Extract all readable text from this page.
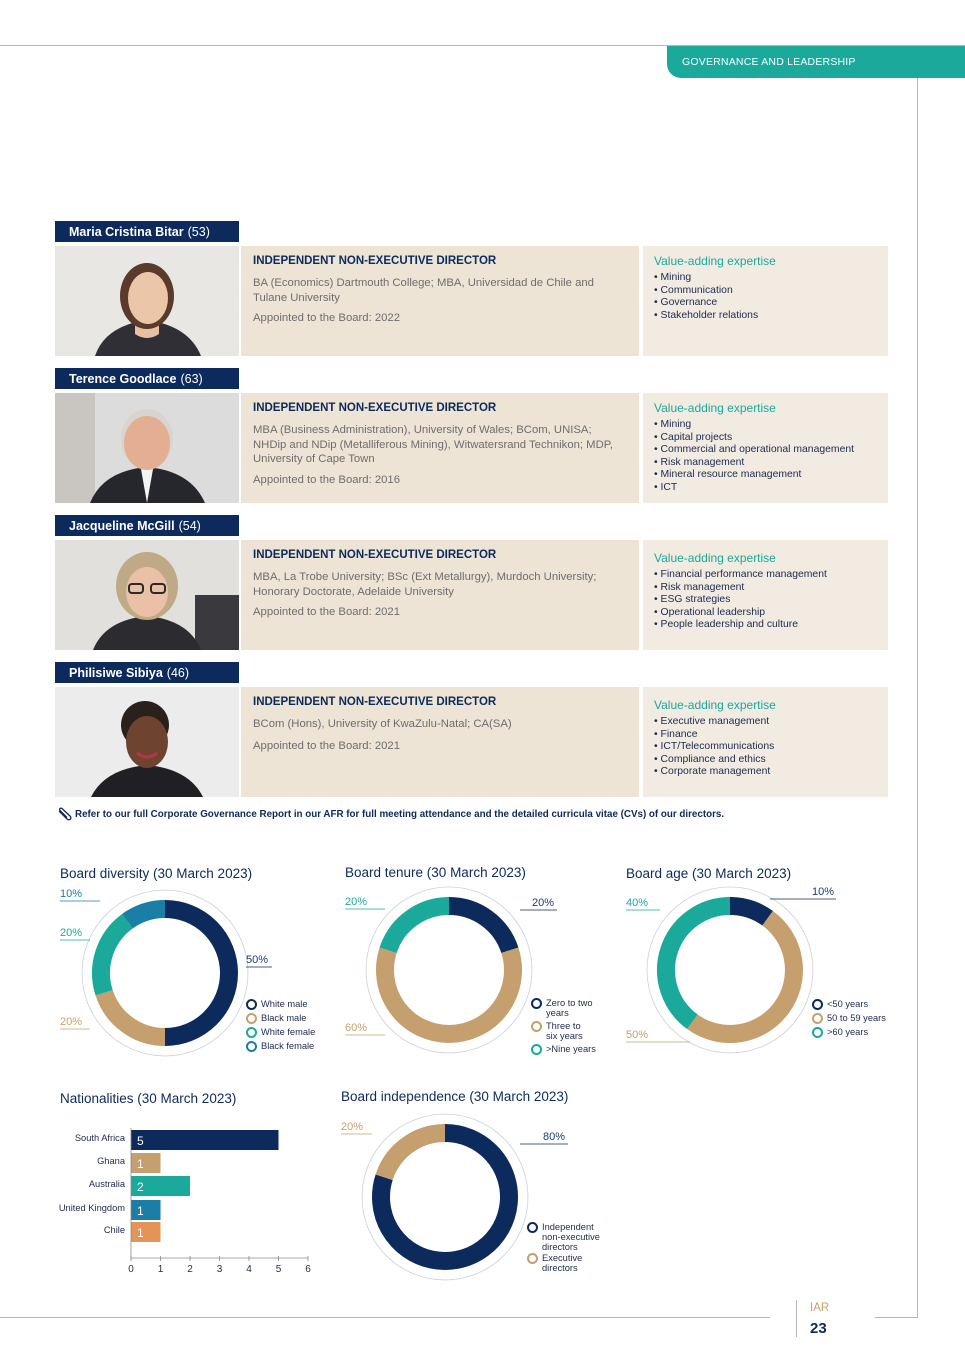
GOVERNANCE AND LEADERSHIP
Maria Cristina Bitar (53)
INDEPENDENT NON-EXECUTIVE DIRECTOR
BA (Economics) Dartmouth College; MBA, Universidad de Chile and Tulane University
Appointed to the Board: 2022
Value-adding expertise
• Mining
• Communication
• Governance
• Stakeholder relations
Terence Goodlace (63)
INDEPENDENT NON-EXECUTIVE DIRECTOR
MBA (Business Administration), University of Wales; BCom, UNISA; NHDip and NDip (Metalliferous Mining), Witwatersrand Technikon; MDP, University of Cape Town
Appointed to the Board: 2016
Value-adding expertise
• Mining
• Capital projects
• Commercial and operational management
• Risk management
• Mineral resource management
• ICT
Jacqueline McGill (54)
INDEPENDENT NON-EXECUTIVE DIRECTOR
MBA, La Trobe University; BSc (Ext Metallurgy), Murdoch University; Honorary Doctorate, Adelaide University
Appointed to the Board: 2021
Value-adding expertise
• Financial performance management
• Risk management
• ESG strategies
• Operational leadership
• People leadership and culture
Philisiwe Sibiya (46)
INDEPENDENT NON-EXECUTIVE DIRECTOR
BCom (Hons), University of KwaZulu-Natal; CA(SA)
Appointed to the Board: 2021
Value-adding expertise
• Executive management
• Finance
• ICT/Telecommunications
• Compliance and ethics
• Corporate management
Refer to our full Corporate Governance Report in our AFR for full meeting attendance and the detailed curricula vitae (CVs) of our directors.
Board diversity (30 March 2023)	Board tenure (30 March 2023)	Board age (30 March 2023)
Nationalities (30 March 2023)	Board independence (30 March 2023)
50%
20%
20%
10%
20%
60%
20%
10%
50%
40%
80%
20%
White male
Black male
White female
Black female
Zero to two years
Three to six years
>Nine years
<50 years
50 to 59 years
>60 years
Independent non-executive directors
Executive directors
South Africa
Ghana
Australia
United Kingdom
Chile
5
1
2
1
1
0 1 2 3 4 5 6
IAR
23
